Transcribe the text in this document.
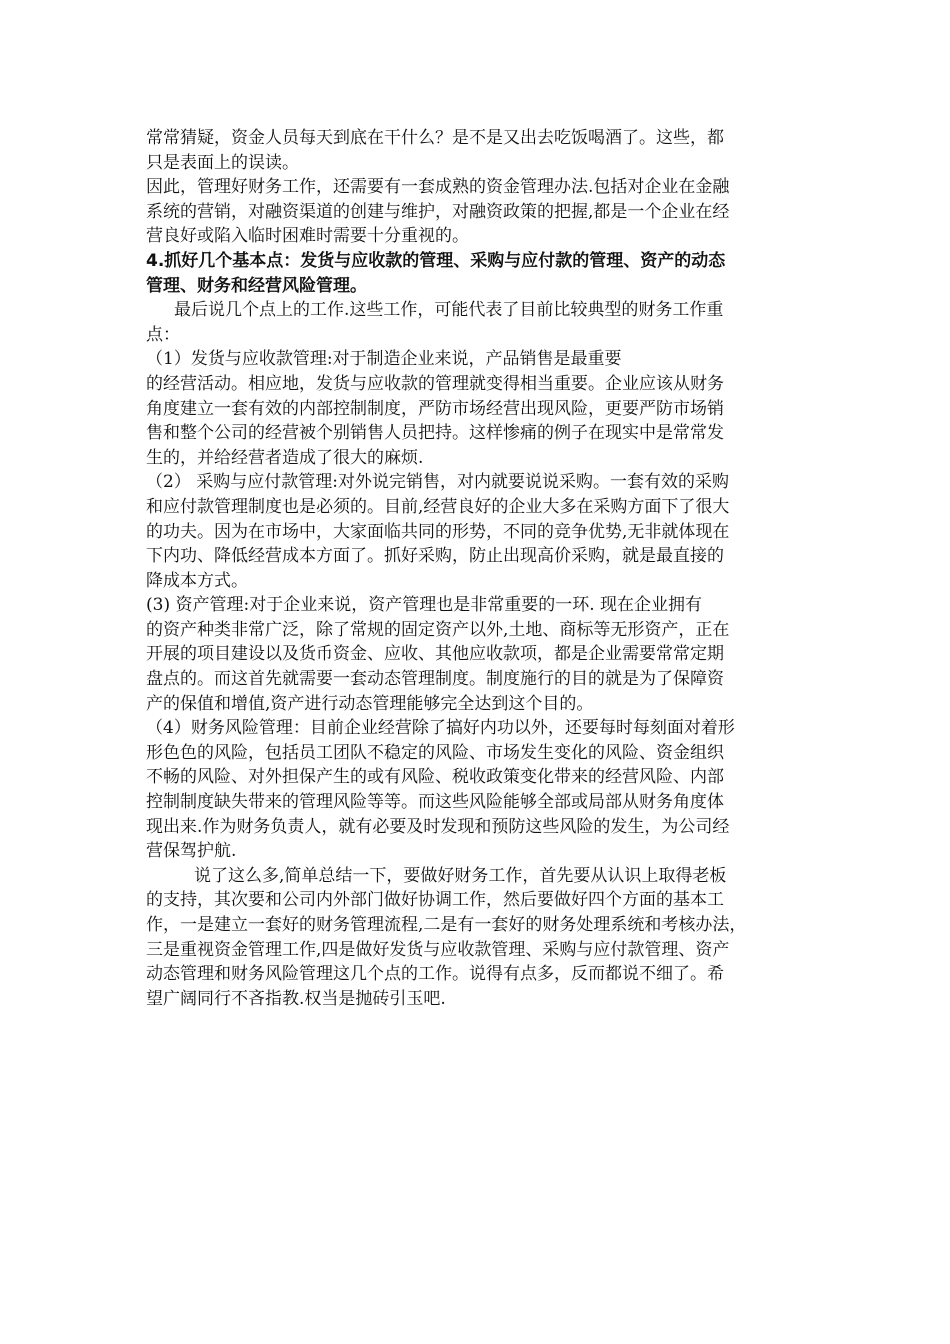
常常猜疑，资金人员每天到底在干什么？是不是又出去吃饭喝酒了。这些，都
只是表面上的误读。
因此，管理好财务工作，还需要有一套成熟的资金管理办法.包括对企业在金融
系统的营销，对融资渠道的创建与维护，对融资政策的把握,都是一个企业在经
营良好或陷入临时困难时需要十分重视的。
4.抓好几个基本点：发货与应收款的管理、采购与应付款的管理、资产的动态
管理、财务和经营风险管理。
最后说几个点上的工作.这些工作，可能代表了目前比较典型的财务工作重
点：
（1）发货与应收款管理:对于制造企业来说，产品销售是最重要
的经营活动。相应地，发货与应收款的管理就变得相当重要。企业应该从财务
角度建立一套有效的内部控制制度，严防市场经营出现风险，更要严防市场销
售和整个公司的经营被个别销售人员把持。这样惨痛的例子在现实中是常常发
生的，并给经营者造成了很大的麻烦.
（2） 采购与应付款管理:对外说完销售，对内就要说说采购。一套有效的采购
和应付款管理制度也是必须的。目前,经营良好的企业大多在采购方面下了很大
的功夫。因为在市场中，大家面临共同的形势，不同的竞争优势,无非就体现在
下内功、降低经营成本方面了。抓好采购，防止出现高价采购，就是最直接的
降成本方式。
(3) 资产管理:对于企业来说，资产管理也是非常重要的一环. 现在企业拥有
的资产种类非常广泛，除了常规的固定资产以外,土地、商标等无形资产，正在
开展的项目建设以及货币资金、应收、其他应收款项，都是企业需要常常定期
盘点的。而这首先就需要一套动态管理制度。制度施行的目的就是为了保障资
产的保值和增值,资产进行动态管理能够完全达到这个目的。
（4）财务风险管理：目前企业经营除了搞好内功以外，还要每时每刻面对着形
形色色的风险，包括员工团队不稳定的风险、市场发生变化的风险、资金组织
不畅的风险、对外担保产生的或有风险、税收政策变化带来的经营风险、内部
控制制度缺失带来的管理风险等等。而这些风险能够全部或局部从财务角度体
现出来.作为财务负责人，就有必要及时发现和预防这些风险的发生，为公司经
营保驾护航.
说了这么多,简单总结一下，要做好财务工作，首先要从认识上取得老板
的支持，其次要和公司内外部门做好协调工作，然后要做好四个方面的基本工
作，一是建立一套好的财务管理流程,二是有一套好的财务处理系统和考核办法，
三是重视资金管理工作,四是做好发货与应收款管理、采购与应付款管理、资产
动态管理和财务风险管理这几个点的工作。说得有点多，反而都说不细了。希
望广阔同行不吝指教.权当是抛砖引玉吧.
